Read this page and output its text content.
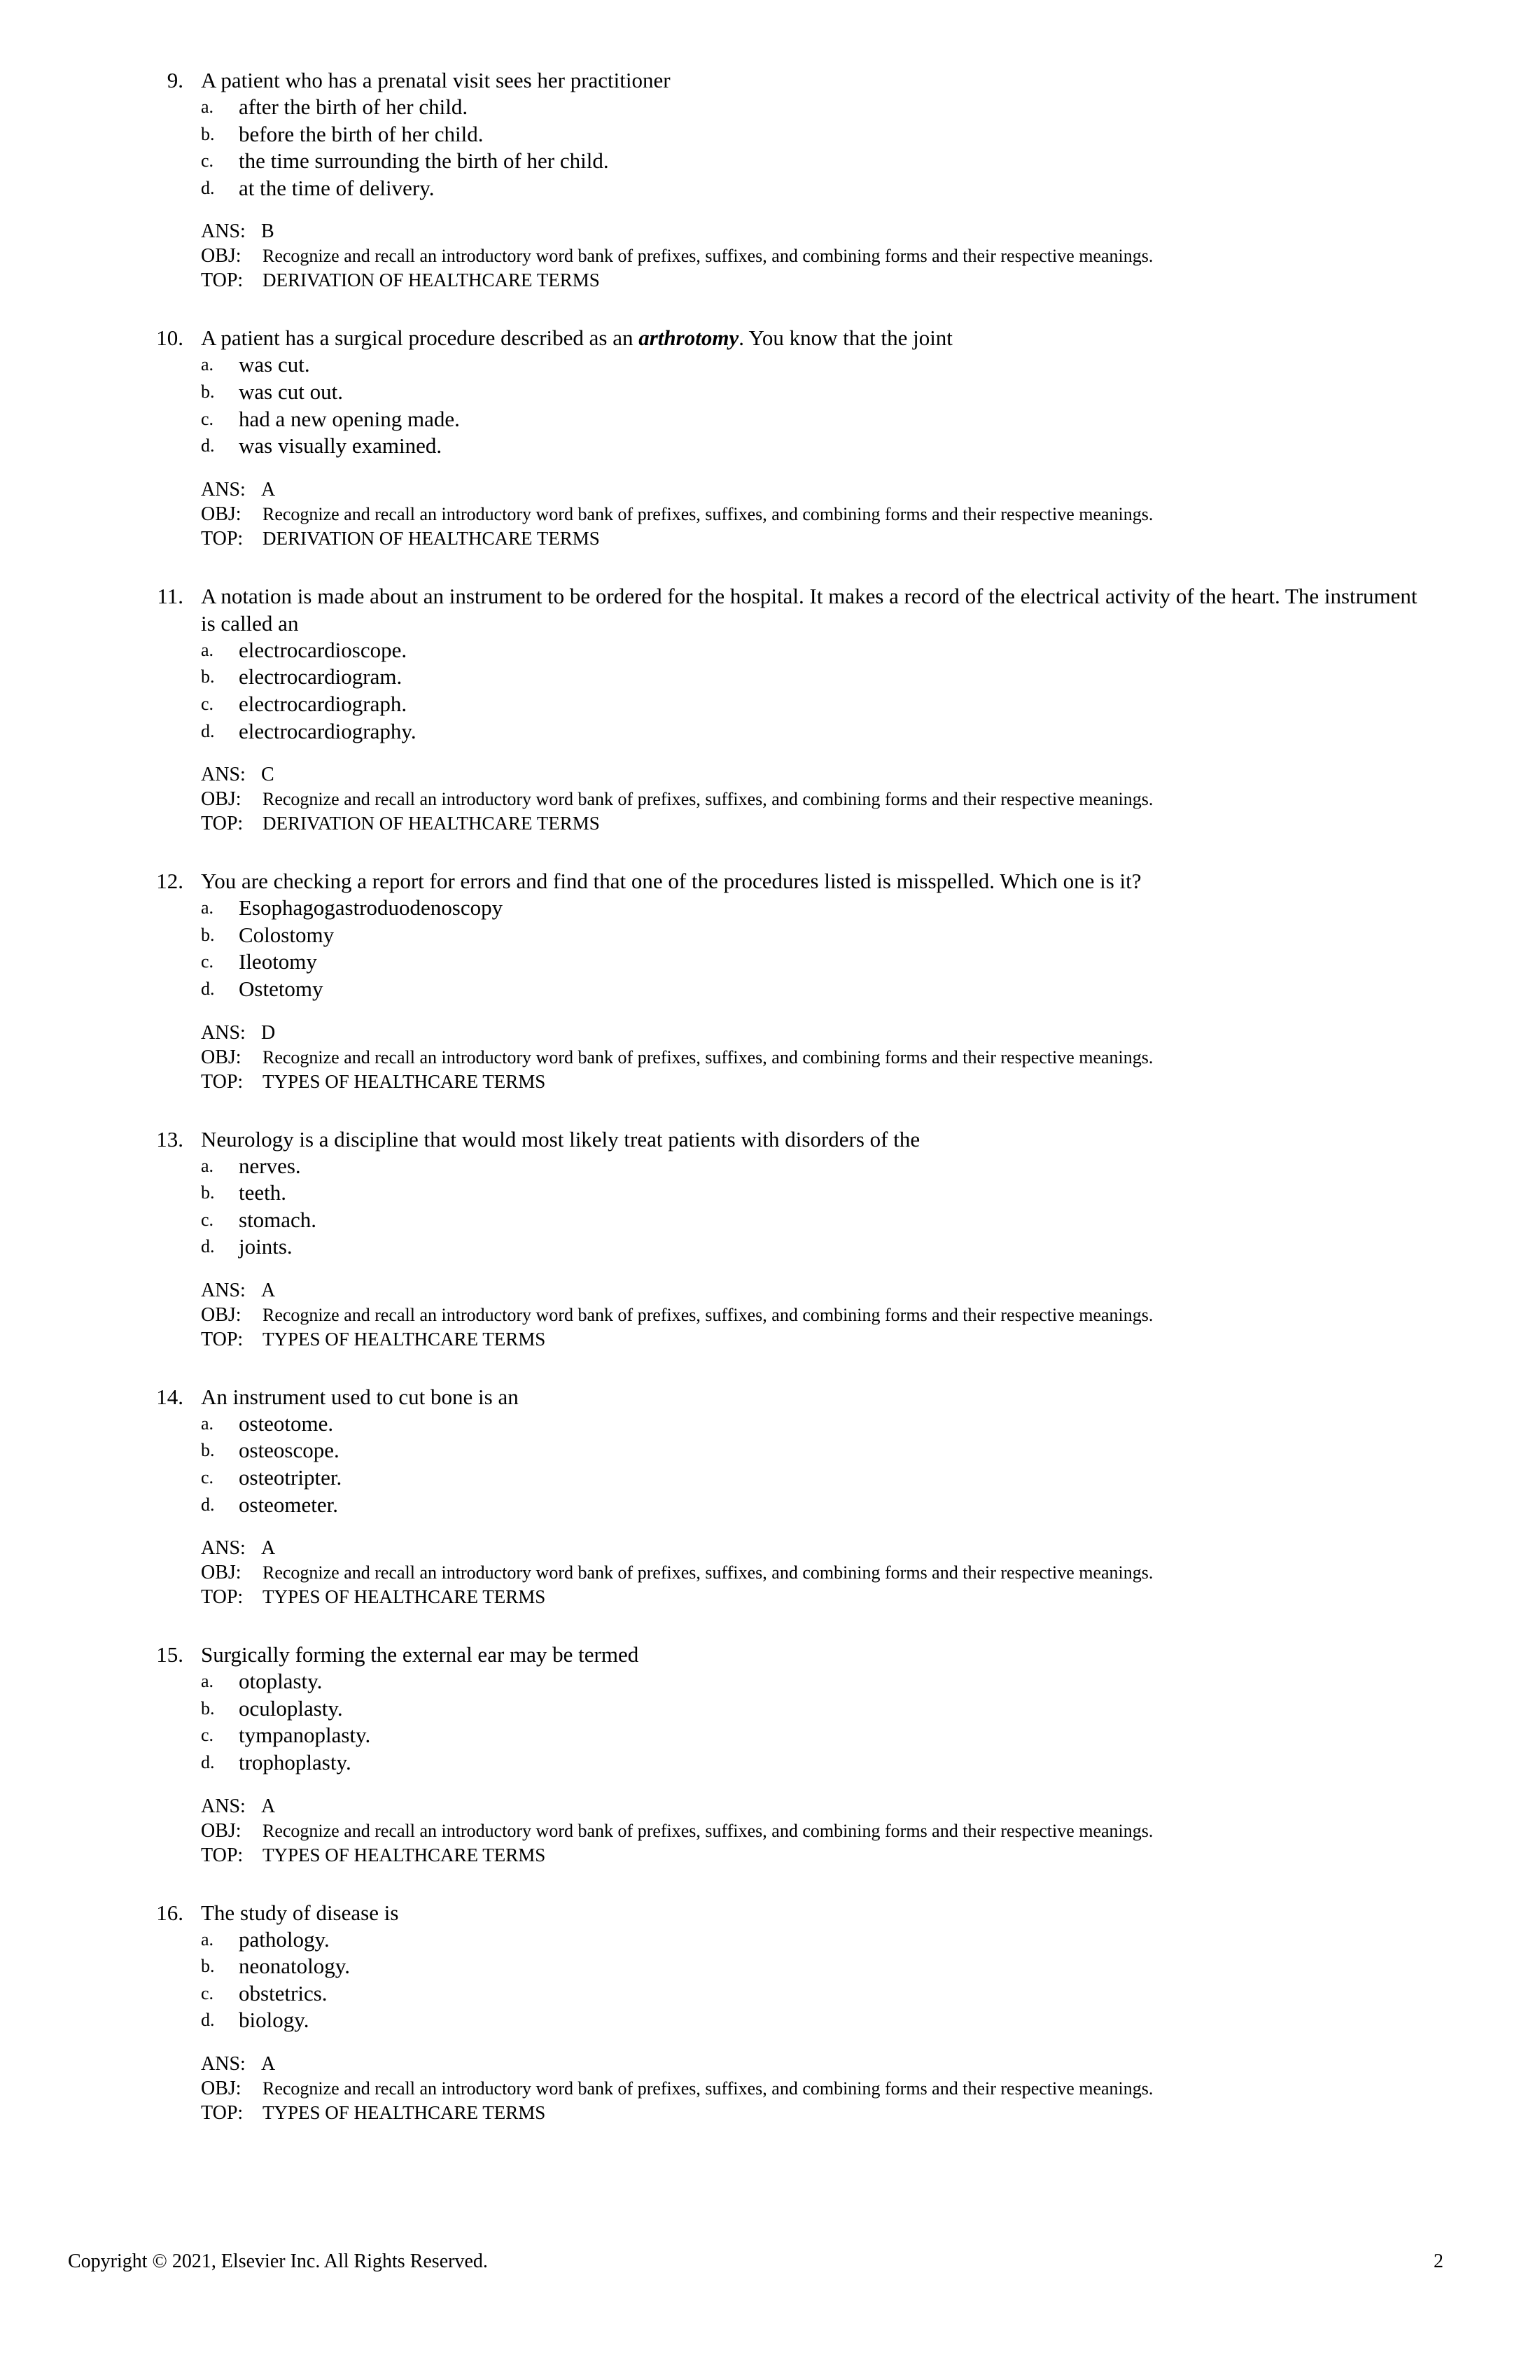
9. A patient who has a prenatal visit sees her practitioner
a. after the birth of her child.
b. before the birth of her child.
c. the time surrounding the birth of her child.
d. at the time of delivery.
ANS: B
OBJ: Recognize and recall an introductory word bank of prefixes, suffixes, and combining forms and their respective meanings.
TOP: DERIVATION OF HEALTHCARE TERMS
10. A patient has a surgical procedure described as an arthrotomy. You know that the joint
a. was cut.
b. was cut out.
c. had a new opening made.
d. was visually examined.
ANS: A
OBJ: Recognize and recall an introductory word bank of prefixes, suffixes, and combining forms and their respective meanings.
TOP: DERIVATION OF HEALTHCARE TERMS
11. A notation is made about an instrument to be ordered for the hospital. It makes a record of the electrical activity of the heart. The instrument is called an
a. electrocardioscope.
b. electrocardiogram.
c. electrocardiograph.
d. electrocardiography.
ANS: C
OBJ: Recognize and recall an introductory word bank of prefixes, suffixes, and combining forms and their respective meanings.
TOP: DERIVATION OF HEALTHCARE TERMS
12. You are checking a report for errors and find that one of the procedures listed is misspelled. Which one is it?
a. Esophagogastroduodenoscopy
b. Colostomy
c. Ileotomy
d. Ostetomy
ANS: D
OBJ: Recognize and recall an introductory word bank of prefixes, suffixes, and combining forms and their respective meanings.
TOP: TYPES OF HEALTHCARE TERMS
13. Neurology is a discipline that would most likely treat patients with disorders of the
a. nerves.
b. teeth.
c. stomach.
d. joints.
ANS: A
OBJ: Recognize and recall an introductory word bank of prefixes, suffixes, and combining forms and their respective meanings.
TOP: TYPES OF HEALTHCARE TERMS
14. An instrument used to cut bone is an
a. osteotome.
b. osteoscope.
c. osteotripter.
d. osteometer.
ANS: A
OBJ: Recognize and recall an introductory word bank of prefixes, suffixes, and combining forms and their respective meanings.
TOP: TYPES OF HEALTHCARE TERMS
15. Surgically forming the external ear may be termed
a. otoplasty.
b. oculoplasty.
c. tympanoplasty.
d. trophoplasty.
ANS: A
OBJ: Recognize and recall an introductory word bank of prefixes, suffixes, and combining forms and their respective meanings.
TOP: TYPES OF HEALTHCARE TERMS
16. The study of disease is
a. pathology.
b. neonatology.
c. obstetrics.
d. biology.
ANS: A
OBJ: Recognize and recall an introductory word bank of prefixes, suffixes, and combining forms and their respective meanings.
TOP: TYPES OF HEALTHCARE TERMS
Copyright © 2021, Elsevier Inc. All Rights Reserved.	2
